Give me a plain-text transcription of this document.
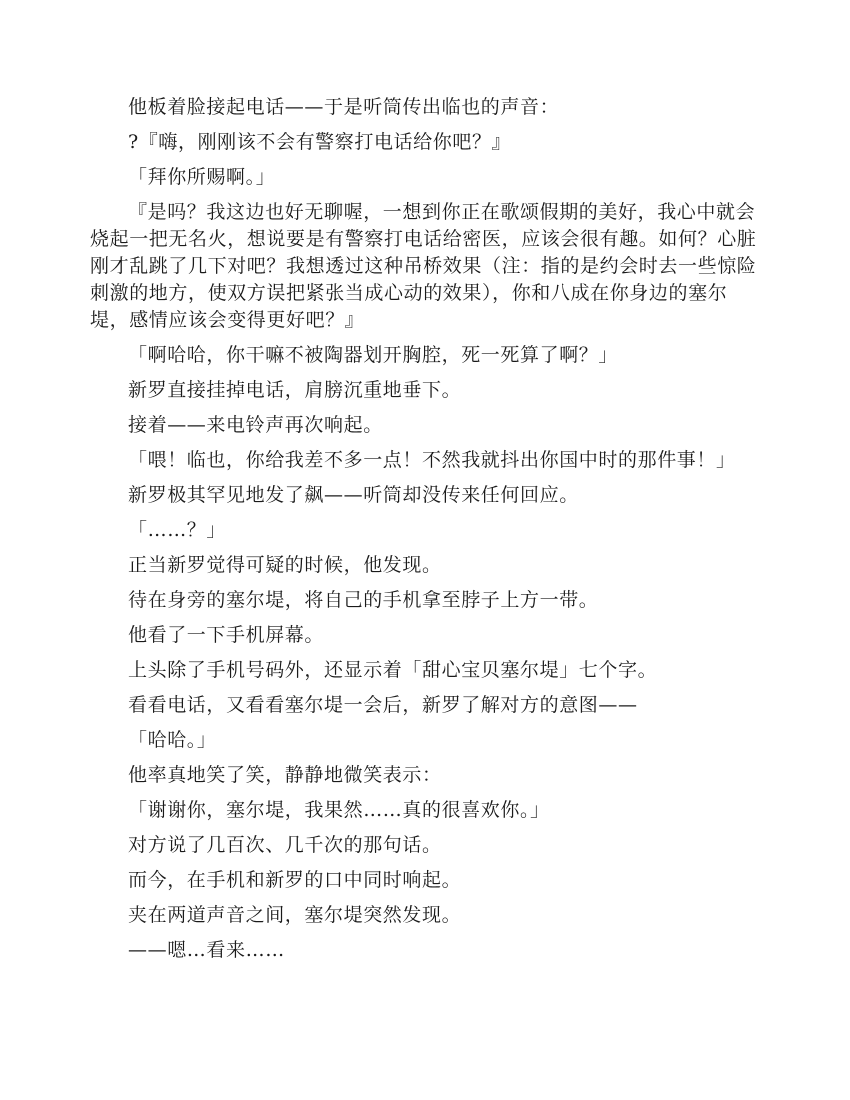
他板着脸接起电话——于是听筒传出临也的声音：

?『嗨，刚刚该不会有警察打电话给你吧？』

「拜你所赐啊。」

『是吗？我这边也好无聊喔，一想到你正在歌颂假期的美好，我心中就会烧起一把无名火，想说要是有警察打电话给密医，应该会很有趣。如何？心脏刚才乱跳了几下对吧？我想透过这种吊桥效果（注：指的是约会时去一些惊险刺激的地方，使双方误把紧张当成心动的效果），你和八成在你身边的塞尔堤，感情应该会变得更好吧？』

「啊哈哈，你干嘛不被陶器划开胸腔，死一死算了啊？」

新罗直接挂掉电话，肩膀沉重地垂下。

接着——来电铃声再次响起。

「喂！临也，你给我差不多一点！不然我就抖出你国中时的那件事！」

新罗极其罕见地发了飙——听筒却没传来任何回应。

「……？」

正当新罗觉得可疑的时候，他发现。

待在身旁的塞尔堤，将自己的手机拿至脖子上方一带。

他看了一下手机屏幕。

上头除了手机号码外，还显示着「甜心宝贝塞尔堤」七个字。

看看电话，又看看塞尔堤一会后，新罗了解对方的意图——

「哈哈。」

他率真地笑了笑，静静地微笑表示：

「谢谢你，塞尔堤，我果然……真的很喜欢你。」

对方说了几百次、几千次的那句话。

而今，在手机和新罗的口中同时响起。

夹在两道声音之间，塞尔堤突然发现。

——嗯…看来……
